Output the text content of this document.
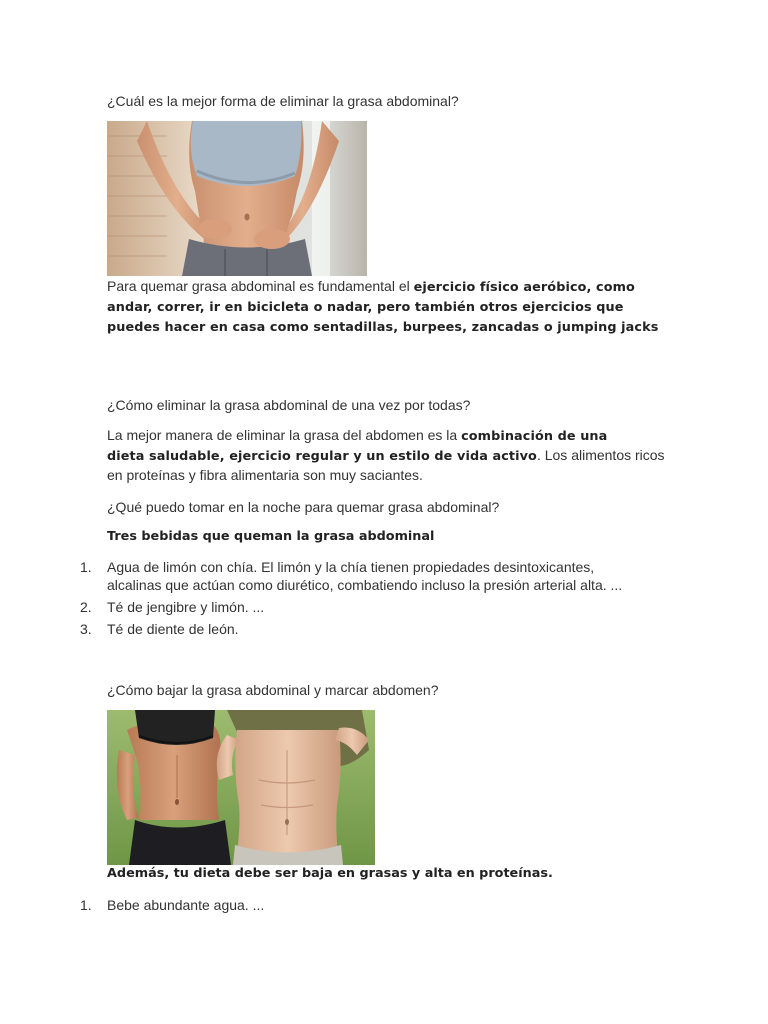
¿Cuál es la mejor forma de eliminar la grasa abdominal?
Para quemar grasa abdominal es fundamental el ejercicio físico aeróbico, como
andar, correr, ir en bicicleta o nadar, pero también otros ejercicios que
puedes hacer en casa como sentadillas, burpees, zancadas o jumping jacks
¿Cómo eliminar la grasa abdominal de una vez por todas?
La mejor manera de eliminar la grasa del abdomen es la combinación de una
dieta saludable, ejercicio regular y un estilo de vida activo. Los alimentos ricos
en proteínas y fibra alimentaria son muy saciantes.
¿Qué puedo tomar en la noche para quemar grasa abdominal?
Tres bebidas que queman la grasa abdominal
1.	Agua de limón con chía. El limón y la chía tienen propiedades desintoxicantes,
alcalinas que actúan como diurético, combatiendo incluso la presión arterial alta. ...
2.	Té de jengibre y limón. ...
3.	Té de diente de león.
¿Cómo bajar la grasa abdominal y marcar abdomen?
Además, tu dieta debe ser baja en grasas y alta en proteínas.
1.	Bebe abundante agua. ...
